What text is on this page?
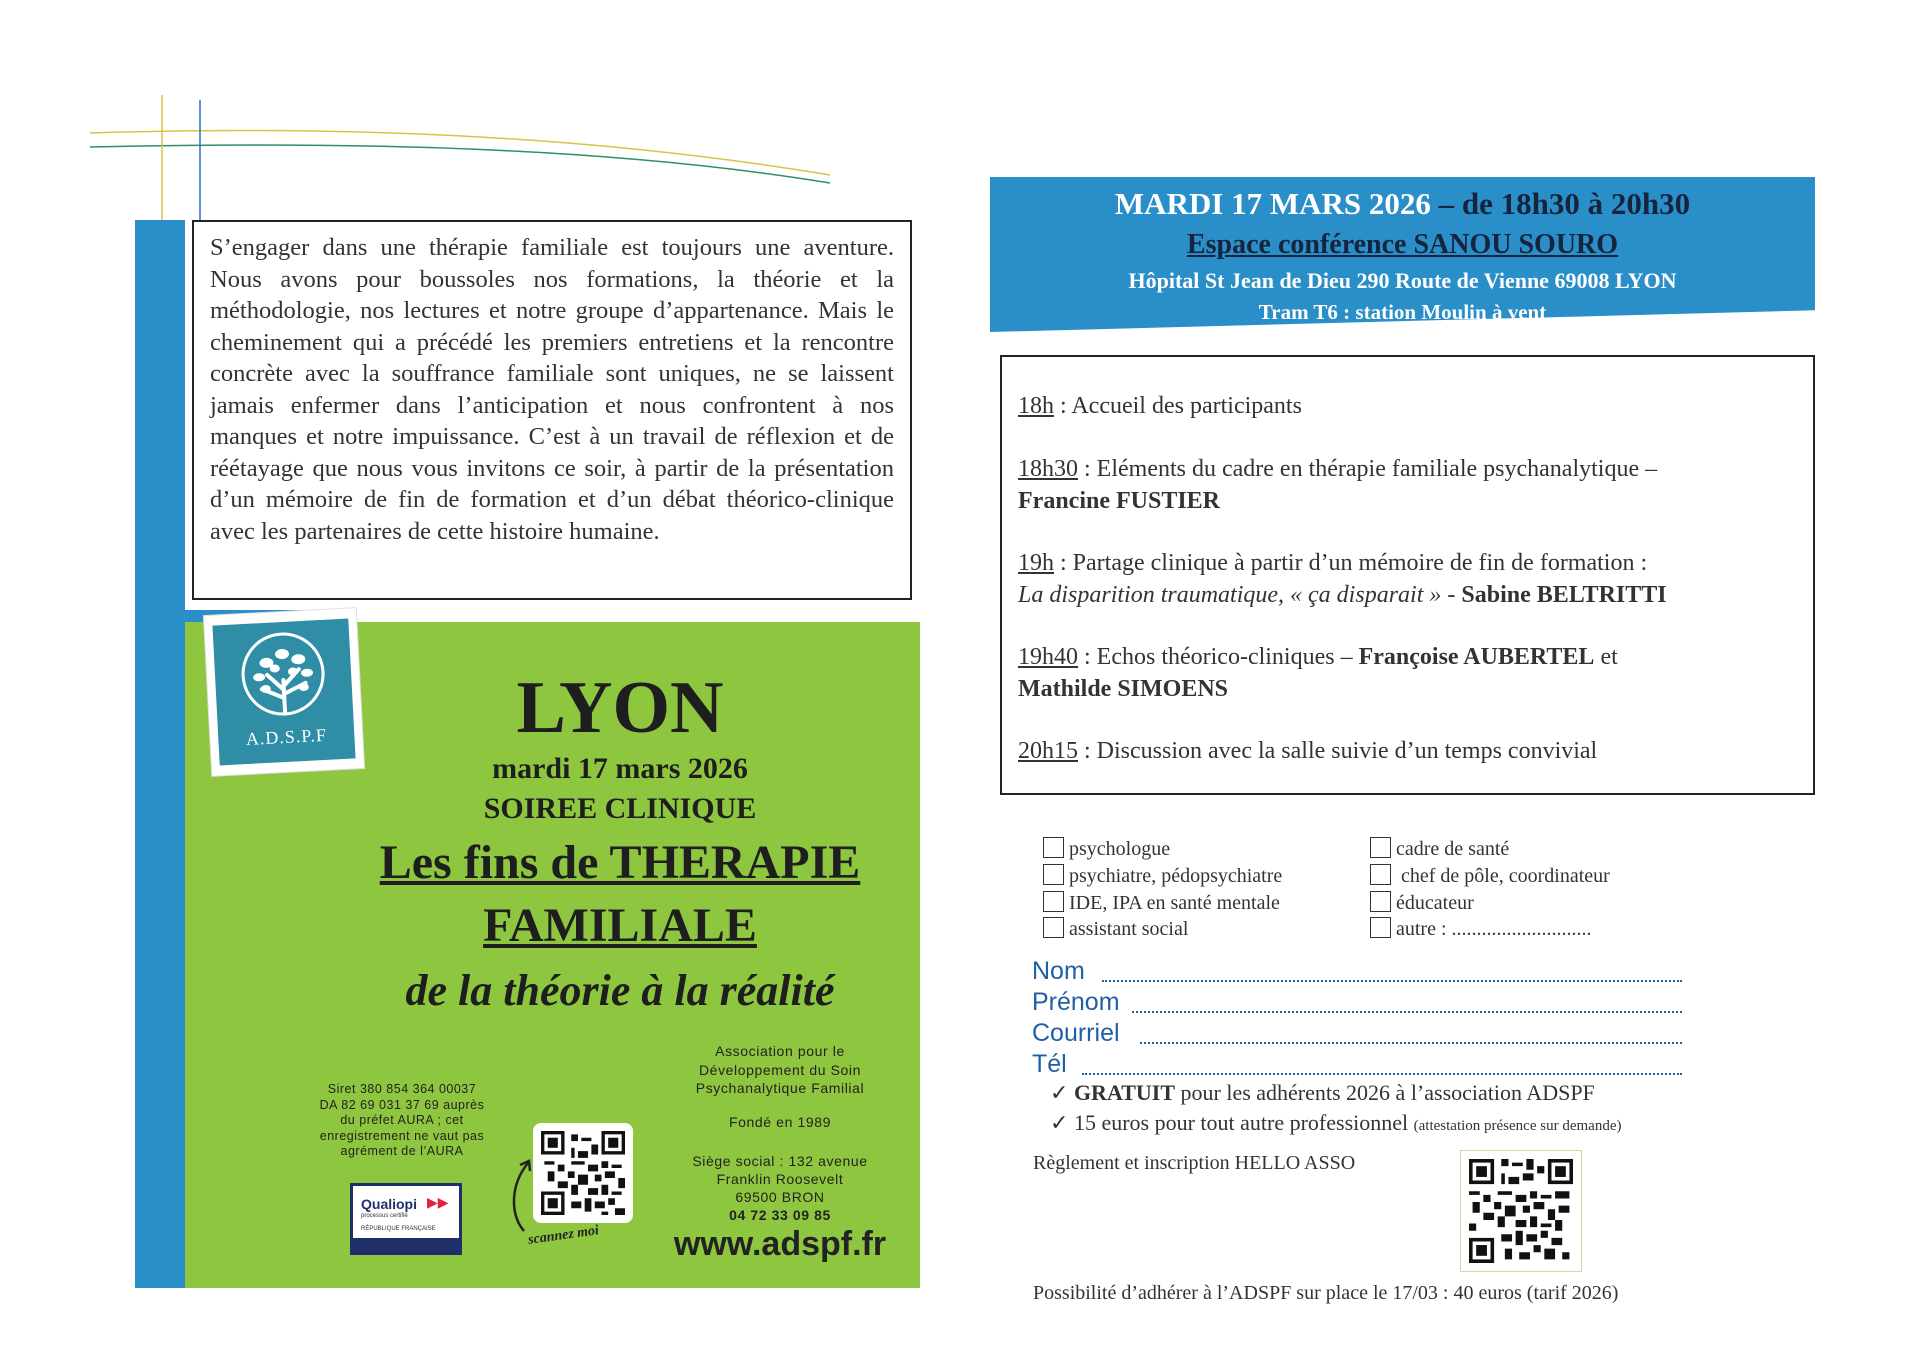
S’engager dans une thérapie familiale est toujours une aventure. Nous avons pour boussoles nos formations, la théorie et la méthodologie, nos lectures et notre groupe d’appartenance. Mais le cheminement qui a précédé les premiers entretiens et la rencontre concrète avec la souffrance familiale sont uniques, ne se laissent jamais enfermer dans l’anticipation et nous confrontent à nos manques et notre impuissance. C’est à un travail de réflexion et de réétayage que nous vous invitons ce soir, à partir de la présentation d’un mémoire de fin de formation et d’un débat théorico-clinique avec les partenaires de cette histoire humaine.

A.D.S.P.F	LYON
mardi 17 mars 2026
SOIREE CLINIQUE
Les fins de THERAPIE
FAMILIALE
de la théorie à la réalité
Siret 380 854 364 00037
DA 82 69 031 37 69 auprès
du préfet AURA ; cet
enregistrement ne vaut pas
agrément de l’AURA
Qualiopi ▶▶
processus certifié
RÉPUBLIQUE FRANÇAISE	scannez moi
Association pour le
Développement du Soin
Psychanalytique Familial
Fondé en 1989
Siège social : 132 avenue
Franklin Roosevelt
69500 BRON
04 72 33 09 85
www.adspf.fr
MARDI 17 MARS 2026 – de 18h30 à 20h30
Espace conférence SANOU SOURO
Hôpital St Jean de Dieu 290 Route de Vienne 69008 LYON
Tram T6 : station Moulin à vent
18h : Accueil des participants
18h30 : Eléments du cadre en thérapie familiale psychanalytique –
Francine FUSTIER
19h : Partage clinique à partir d’un mémoire de fin de formation :
La disparition traumatique, « ça disparait » - Sabine BELTRITTI
19h40 : Echos théorico-cliniques – Françoise AUBERTEL et
Mathilde SIMOENS
20h15 : Discussion avec la salle suivie d’un temps convivial
psychologue
psychiatre, pédopsychiatre
IDE, IPA en santé mentale
assistant social
cadre de santé
chef de pôle, coordinateur
éducateur
autre : ............................
Nom
Prénom
Courriel
Tél
✓ GRATUIT pour les adhérents 2026 à l’association ADSPF
✓ 15 euros pour tout autre professionnel (attestation présence sur demande)
Règlement et inscription HELLO ASSO
Possibilité d’adhérer à l’ADSPF sur place le 17/03 : 40 euros (tarif 2026)
